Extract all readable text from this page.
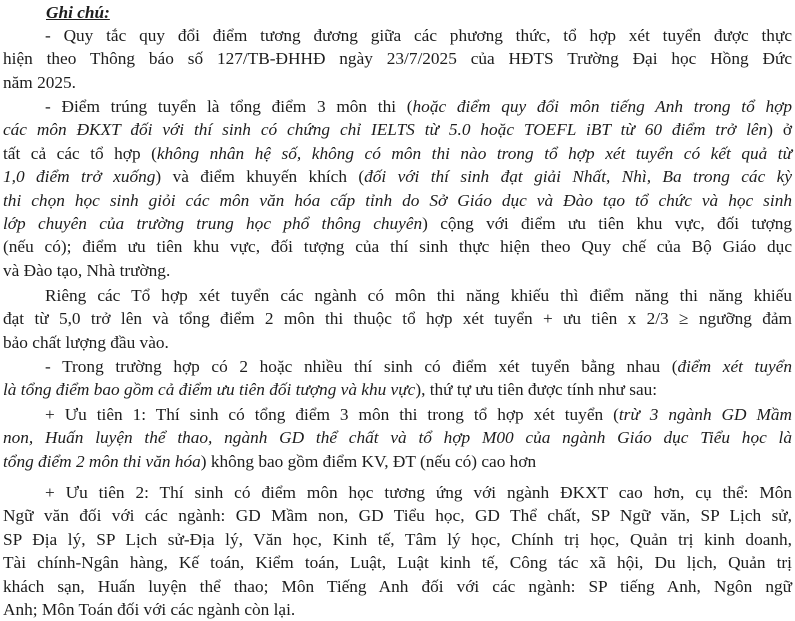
Ghi chú:
- Quy tắc quy đổi điểm tương đương giữa các phương thức, tổ hợp xét tuyển được thực
hiện theo Thông báo số 127/TB-ĐHHĐ ngày 23/7/2025 của HĐTS Trường Đại học Hồng Đức
năm 2025.
- Điểm trúng tuyển là tổng điểm 3 môn thi (hoặc điểm quy đổi môn tiếng Anh trong tổ hợp
các môn ĐKXT đối với thí sinh có chứng chỉ IELTS từ 5.0 hoặc TOEFL iBT từ 60 điểm trở lên) ở
tất cả các tổ hợp (không nhân hệ số, không có môn thi nào trong tổ hợp xét tuyển có kết quả từ
1,0 điểm trở xuống) và điểm khuyến khích (đối với thí sinh đạt giải Nhất, Nhì, Ba trong các kỳ
thi chọn học sinh giỏi các môn văn hóa cấp tỉnh do Sở Giáo dục và Đào tạo tổ chức và học sinh
lớp chuyên của trường trung học phổ thông chuyên) cộng với điểm ưu tiên khu vực, đối tượng
(nếu có); điểm ưu tiên khu vực, đối tượng của thí sinh thực hiện theo Quy chế của Bộ Giáo dục
và Đào tạo, Nhà trường.
Riêng các Tổ hợp xét tuyển các ngành có môn thi năng khiếu thì điểm năng thi năng khiếu
đạt từ 5,0 trở lên và tổng điểm 2 môn thi thuộc tổ hợp xét tuyển + ưu tiên x 2/3 ≥ ngưỡng đảm
bảo chất lượng đầu vào.
- Trong trường hợp có 2 hoặc nhiều thí sinh có điểm xét tuyển bằng nhau (điểm xét tuyển
là tổng điểm bao gồm cả điểm ưu tiên đối tượng và khu vực), thứ tự ưu tiên được tính như sau:
+ Ưu tiên 1: Thí sinh có tổng điểm 3 môn thi trong tổ hợp xét tuyển (trừ 3 ngành GD Mầm
non, Huấn luyện thể thao, ngành GD thể chất và tổ hợp M00 của ngành Giáo dục Tiểu học là
tổng điểm 2 môn thi văn hóa) không bao gồm điểm KV, ĐT (nếu có) cao hơn
+ Ưu tiên 2: Thí sinh có điểm môn học tương ứng với ngành ĐKXT cao hơn, cụ thể: Môn
Ngữ văn đối với các ngành: GD Mầm non, GD Tiểu học, GD Thể chất, SP Ngữ văn, SP Lịch sử,
SP Địa lý, SP Lịch sử-Địa lý, Văn học, Kinh tế, Tâm lý học, Chính trị học, Quản trị kinh doanh,
Tài chính-Ngân hàng, Kế toán, Kiểm toán, Luật, Luật kinh tế, Công tác xã hội, Du lịch, Quản trị
khách sạn, Huấn luyện thể thao; Môn Tiếng Anh đối với các ngành: SP tiếng Anh, Ngôn ngữ
Anh; Môn Toán đối với các ngành còn lại.
